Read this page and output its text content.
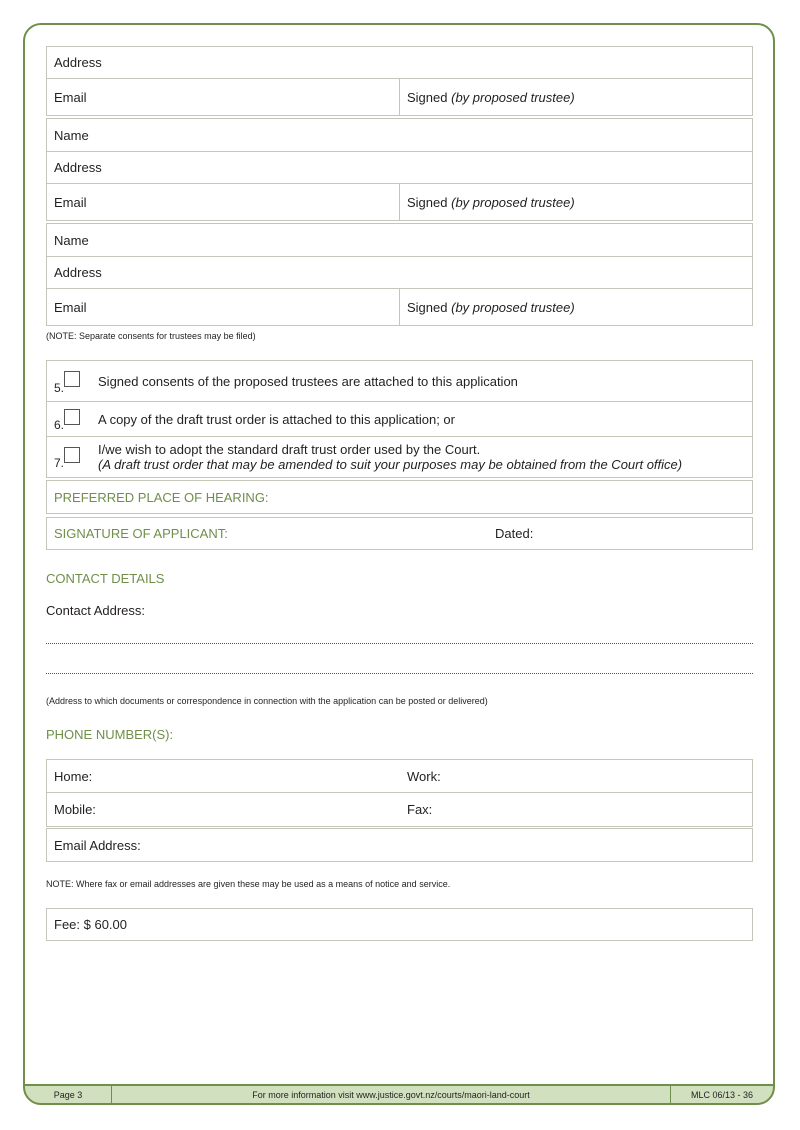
Address
Email	Signed
(by proposed trustee)
Name
Address
Email	Signed
(by proposed trustee)
Name
Address
Email	Signed
(by proposed trustee)
(NOTE: Separate consents for trustees may be filed)
5.	Signed consents of the proposed trustees are attached to this application
6.	A copy of the draft trust order is attached to this application; or
7.
I/we wish to adopt the standard draft trust order used by the Court.
(A draft trust order that may be amended to suit your purposes may be obtained from the Court office)
PREFERRED PLACE OF HEARING:
SIGNATURE OF APPLICANT:	Dated:
CONTACT DETAILS
Contact Address:
(Address to which documents or correspondence in connection with the application can be posted or delivered)
PHONE NUMBER(S):
Home:	Work:
Mobile:	Fax:
Email Address:
NOTE: Where fax or email addresses are given these may be used as a means of notice and service.
Fee: $ 60.00
Page 3	For more information visit www.justice.govt.nz/courts/maori-land-court	MLC 06/13 - 36
